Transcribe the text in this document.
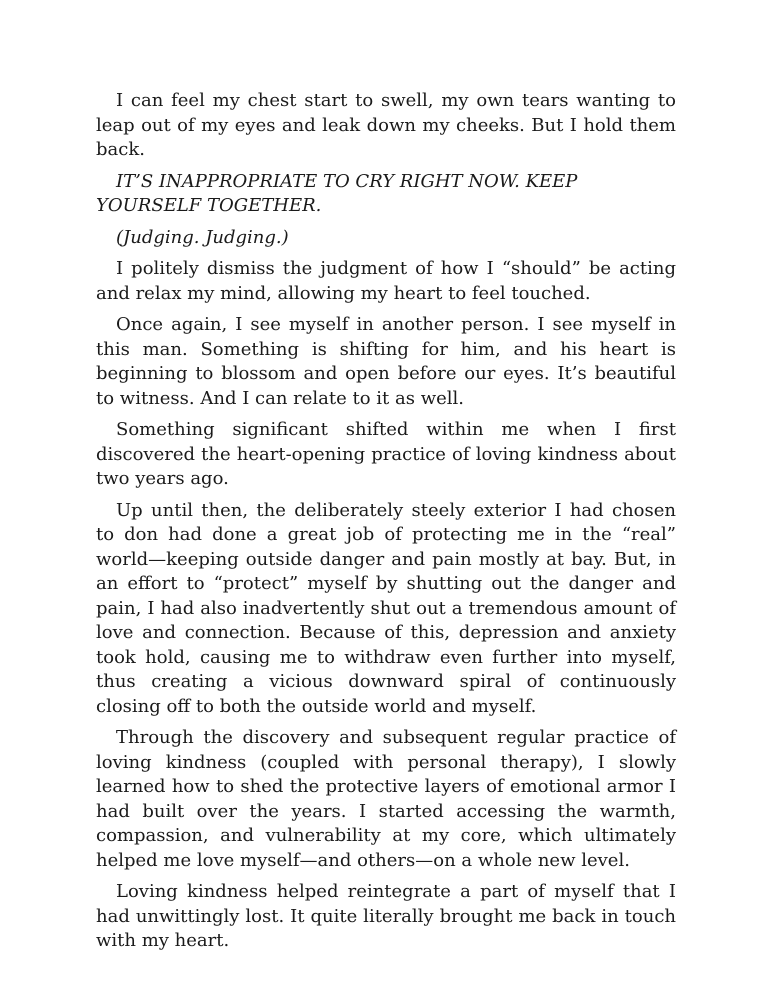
I can feel my chest start to swell, my own tears wanting to leap out of my eyes and leak down my cheeks. But I hold them back.

IT’S INAPPROPRIATE TO CRY RIGHT NOW. KEEP YOURSELF TOGETHER.

(Judging. Judging.)

I politely dismiss the judgment of how I “should” be acting and relax my mind, allowing my heart to feel touched.

Once again, I see myself in another person. I see myself in this man. Something is shifting for him, and his heart is beginning to blossom and open before our eyes. It’s beautiful to witness. And I can relate to it as well.

Something significant shifted within me when I first discovered the heart-opening practice of loving kindness about two years ago.

Up until then, the deliberately steely exterior I had chosen to don had done a great job of protecting me in the “real” world—keeping outside danger and pain mostly at bay. But, in an effort to “protect” myself by shutting out the danger and pain, I had also inadvertently shut out a tremendous amount of love and connection. Because of this, depression and anxiety took hold, causing me to withdraw even further into myself, thus creating a vicious downward spiral of continuously closing off to both the outside world and myself.

Through the discovery and subsequent regular practice of loving kindness (coupled with personal therapy), I slowly learned how to shed the protective layers of emotional armor I had built over the years. I started accessing the warmth, compassion, and vulnerability at my core, which ultimately helped me love myself—and others—on a whole new level.

Loving kindness helped reintegrate a part of myself that I had unwittingly lost. It quite literally brought me back in touch with my heart.
